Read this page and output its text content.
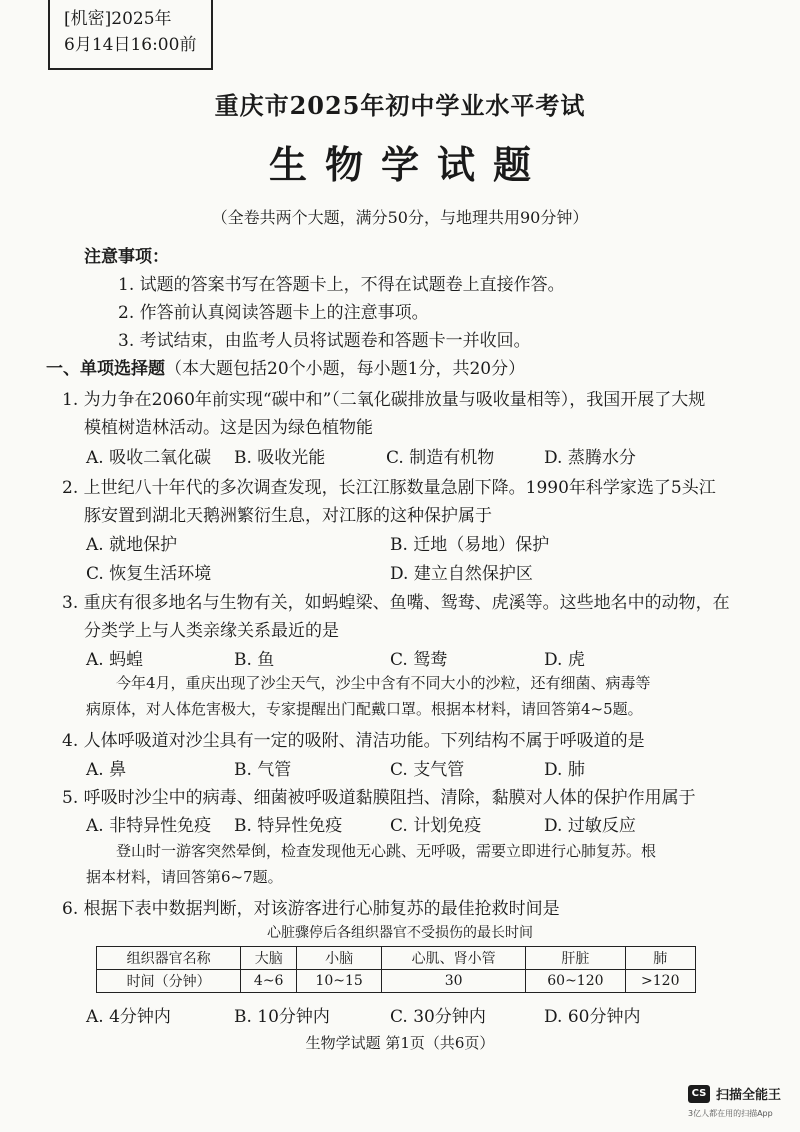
[机密]2025年
6月14日16:00前
重庆市2025年初中学业水平考试
生物学试题
（全卷共两个大题，满分50分，与地理共用90分钟）
注意事项：
1. 试题的答案书写在答题卡上，不得在试题卷上直接作答。
2. 作答前认真阅读答题卡上的注意事项。
3. 考试结束，由监考人员将试题卷和答题卡一并收回。
一、单项选择题（本大题包括20个小题，每小题1分，共20分）
1. 为力争在2060年前实现“碳中和”（二氧化碳排放量与吸收量相等），我国开展了大规
模植树造林活动。这是因为绿色植物能
A. 吸收二氧化碳 B. 吸收光能	C. 制造有机物	D. 蒸腾水分
2. 上世纪八十年代的多次调查发现，长江江豚数量急剧下降。1990年科学家选了5头江
豚安置到湖北天鹅洲繁衍生息，对江豚的这种保护属于
A. 就地保护	B. 迁地（易地）保护
C. 恢复生活环境	D. 建立自然保护区
3. 重庆有很多地名与生物有关，如蚂蝗梁、鱼嘴、鸳鸯、虎溪等。这些地名中的动物，在
分类学上与人类亲缘关系最近的是
A. 蚂蝗	B. 鱼	C. 鸳鸯	D. 虎
今年4月，重庆出现了沙尘天气，沙尘中含有不同大小的沙粒，还有细菌、病毒等
病原体，对人体危害极大，专家提醒出门配戴口罩。根据本材料，请回答第4~5题。
4. 人体呼吸道对沙尘具有一定的吸附、清洁功能。下列结构不属于呼吸道的是
A. 鼻	B. 气管	C. 支气管	D. 肺
5. 呼吸时沙尘中的病毒、细菌被呼吸道黏膜阻挡、清除，黏膜对人体的保护作用属于
A. 非特异性免疫 B. 特异性免疫	C. 计划免疫	D. 过敏反应
登山时一游客突然晕倒，检查发现他无心跳、无呼吸，需要立即进行心肺复苏。根
据本材料，请回答第6~7题。
6. 根据下表中数据判断，对该游客进行心肺复苏的最佳抢救时间是
心脏骤停后各组织器官不受损伤的最长时间
组织器官名称	大脑	小脑	心肌、肾小管	肝脏	肺
时间（分钟）	4~6	10~15	30	60~120	>120
A. 4分钟内	B. 10分钟内	C. 30分钟内	D. 60分钟内
生物学试题 第1页（共6页）
CS 扫描全能王
3亿人都在用的扫描App
